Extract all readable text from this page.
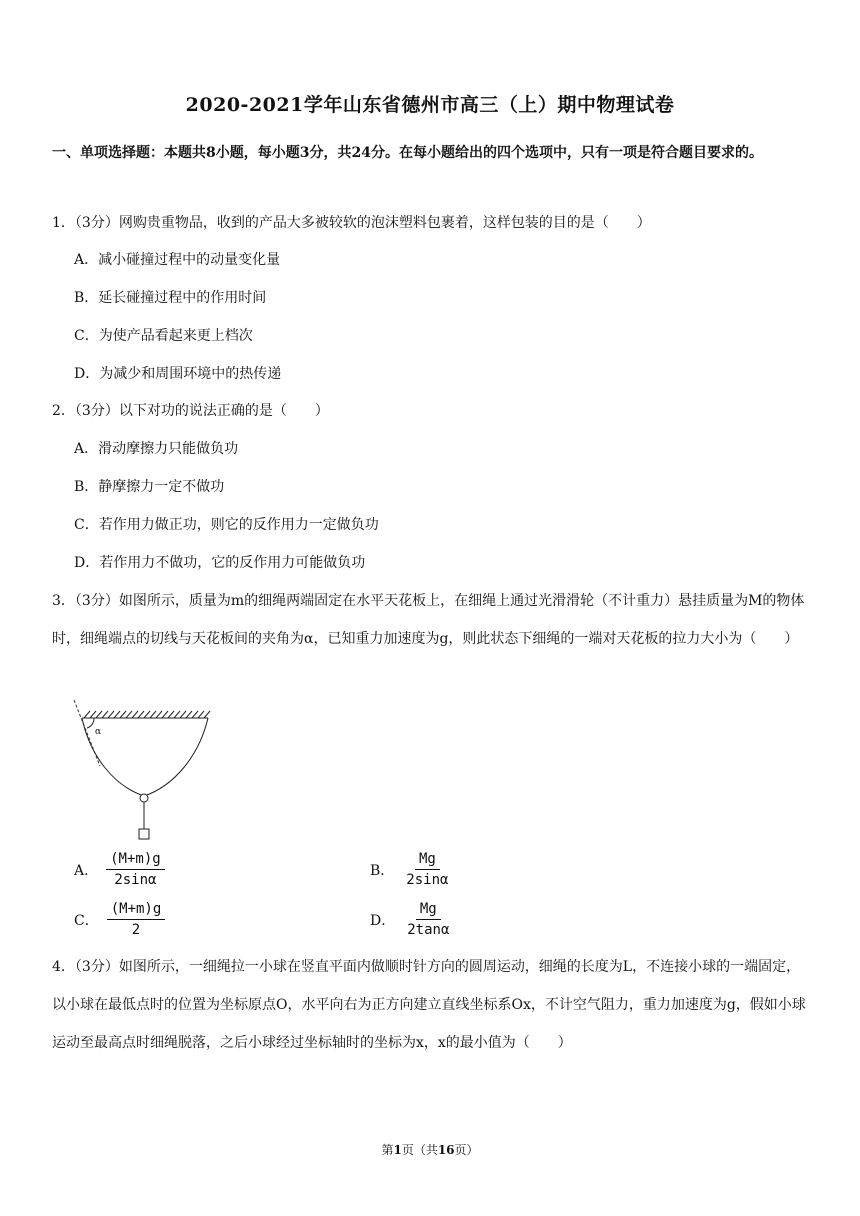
2020-2021学年山东省德州市高三（上）期中物理试卷
一、单项选择题：本题共8小题，每小题3分，共24分。在每小题给出的四个选项中，只有一项是符合题目要求的。
1．（3分）网购贵重物品，收到的产品大多被较软的泡沫塑料包裹着，这样包装的目的是（　　）
A．减小碰撞过程中的动量变化量
B．延长碰撞过程中的作用时间
C．为使产品看起来更上档次
D．为减少和周围环境中的热传递
2．（3分）以下对功的说法正确的是（　　）
A．滑动摩擦力只能做负功
B．静摩擦力一定不做功
C．若作用力做正功，则它的反作用力一定做负功
D．若作用力不做功，它的反作用力可能做负功
3．（3分）如图所示，质量为m的细绳两端固定在水平天花板上，在细绳上通过光滑滑轮（不计重力）悬挂质量为M的物体时，细绳端点的切线与天花板间的夹角为α，已知重力加速度为g，则此状态下细绳的一端对天花板的拉力大小为（　　）
α
A． $\frac{(M+m)g}{2\sin\alpha}$	B． $\frac{Mg}{2\sin\alpha}$
C． $\frac{(M+m)g}{2}$	D． $\frac{Mg}{2\tan\alpha}$
4．（3分）如图所示，一细绳拉一小球在竖直平面内做顺时针方向的圆周运动，细绳的长度为L，不连接小球的一端固定，以小球在最低点时的位置为坐标原点O，水平向右为正方向建立直线坐标系Ox，不计空气阻力，重力加速度为g，假如小球运动至最高点时细绳脱落，之后小球经过坐标轴时的坐标为x，x的最小值为（　　）
第1页（共16页）
